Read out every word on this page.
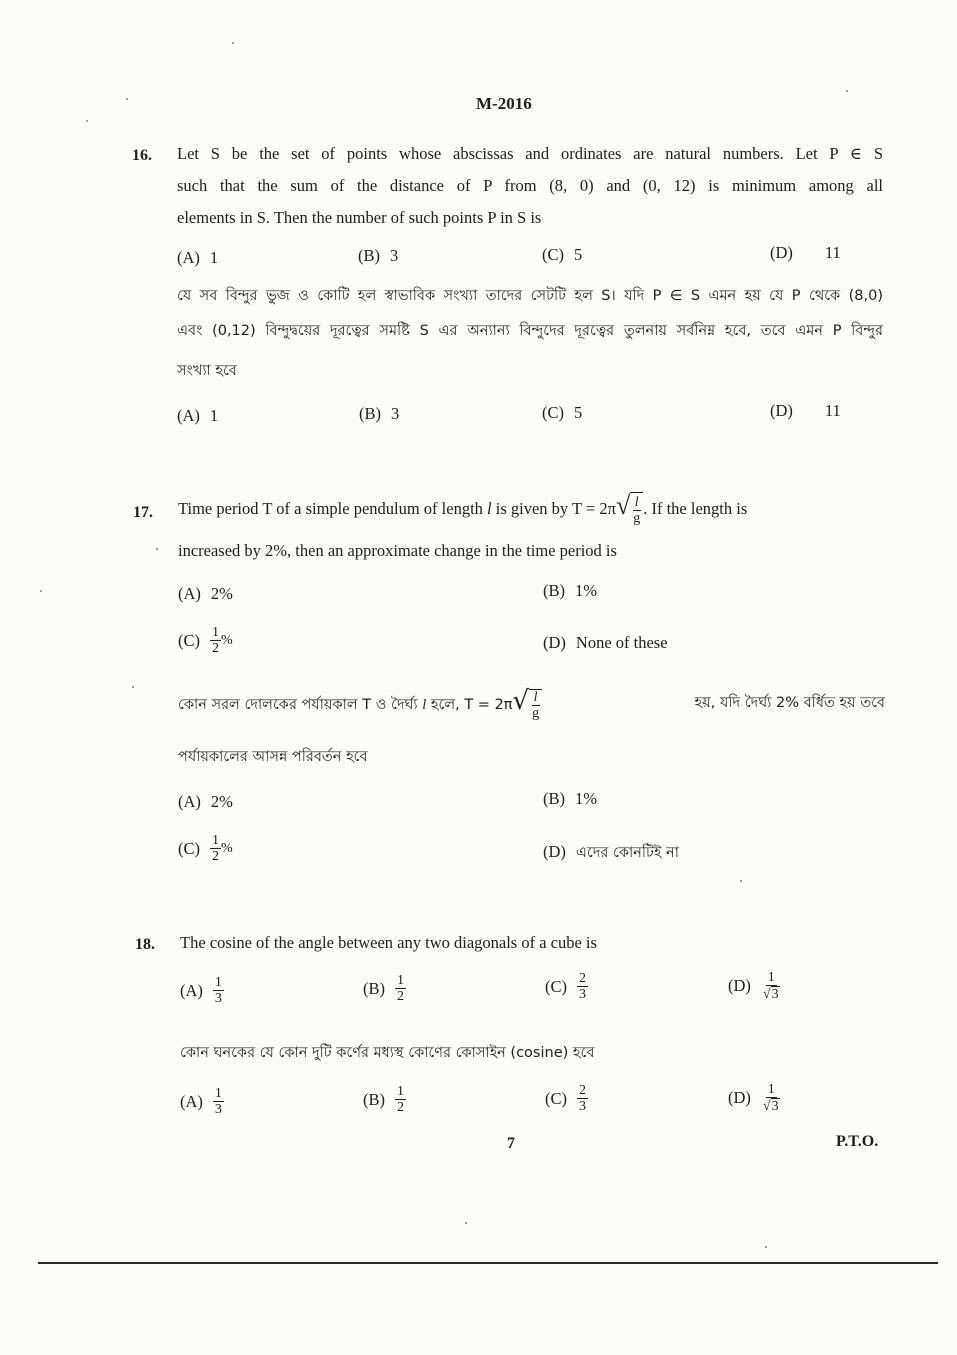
M-2016
16. Let S be the set of points whose abscissas and ordinates are natural numbers. Let P ∈ S
such that the sum of the distance of P from (8, 0) and (0, 12) is minimum among all
elements in S. Then the number of such points P in S is
(A) 1	(B) 3	(C) 5	(D) 11
যে সব বিন্দুর ভুজ ও কোটি হল স্বাভাবিক সংখ্যা তাদের সেটটি হল S। যদি P ∈ S এমন হয় যে P থেকে (8,0)
এবং (0,12) বিন্দুদ্বয়ের দূরত্বের সমষ্টি S এর অন্যান্য বিন্দুদের দূরত্বের তুলনায় সর্বনিম্ন হবে, তবে এমন P বিন্দুর
সংখ্যা হবে
(A) 1	(B) 3	(C) 5	(D) 11
17. Time period T of a simple pendulum of length l is given by $T = 2\pi√ \frac{l}{g}$ . If the length is
increased by 2%, then an approximate change in the time period is
(A) 2%	(B) 1%
$(C) \frac{1}{2}$ %	(D) None of these
কোন সরল দোলকের পর্যায়কাল T ও দৈর্ঘ্য l হলে, $T = 2\pi√ \frac{l}{g}$	হয়, যদি দৈর্ঘ্য 2% বর্ধিত হয় তবে
পর্যায়কালের আসন্ন পরিবর্তন হবে
(A) 2%	(B) 1%
$(C) \frac{1}{2}$ %	(D) এদের কোনটিই না
18. The cosine of the angle between any two diagonals of a cube is
$(A) \frac{1}{3}$	$(B) \frac{1}{2}$	$(C) \frac{2}{3}$	$(D) \frac{1}{√3}$
কোন ঘনকের যে কোন দুটি কর্ণের মধ্যস্থ কোণের কোসাইন (cosine) হবে
$(A) \frac{1}{3}$	$(B) \frac{1}{2}$	$(C) \frac{2}{3}$	$(D) \frac{1}{√3}$
7	P.T.O.
